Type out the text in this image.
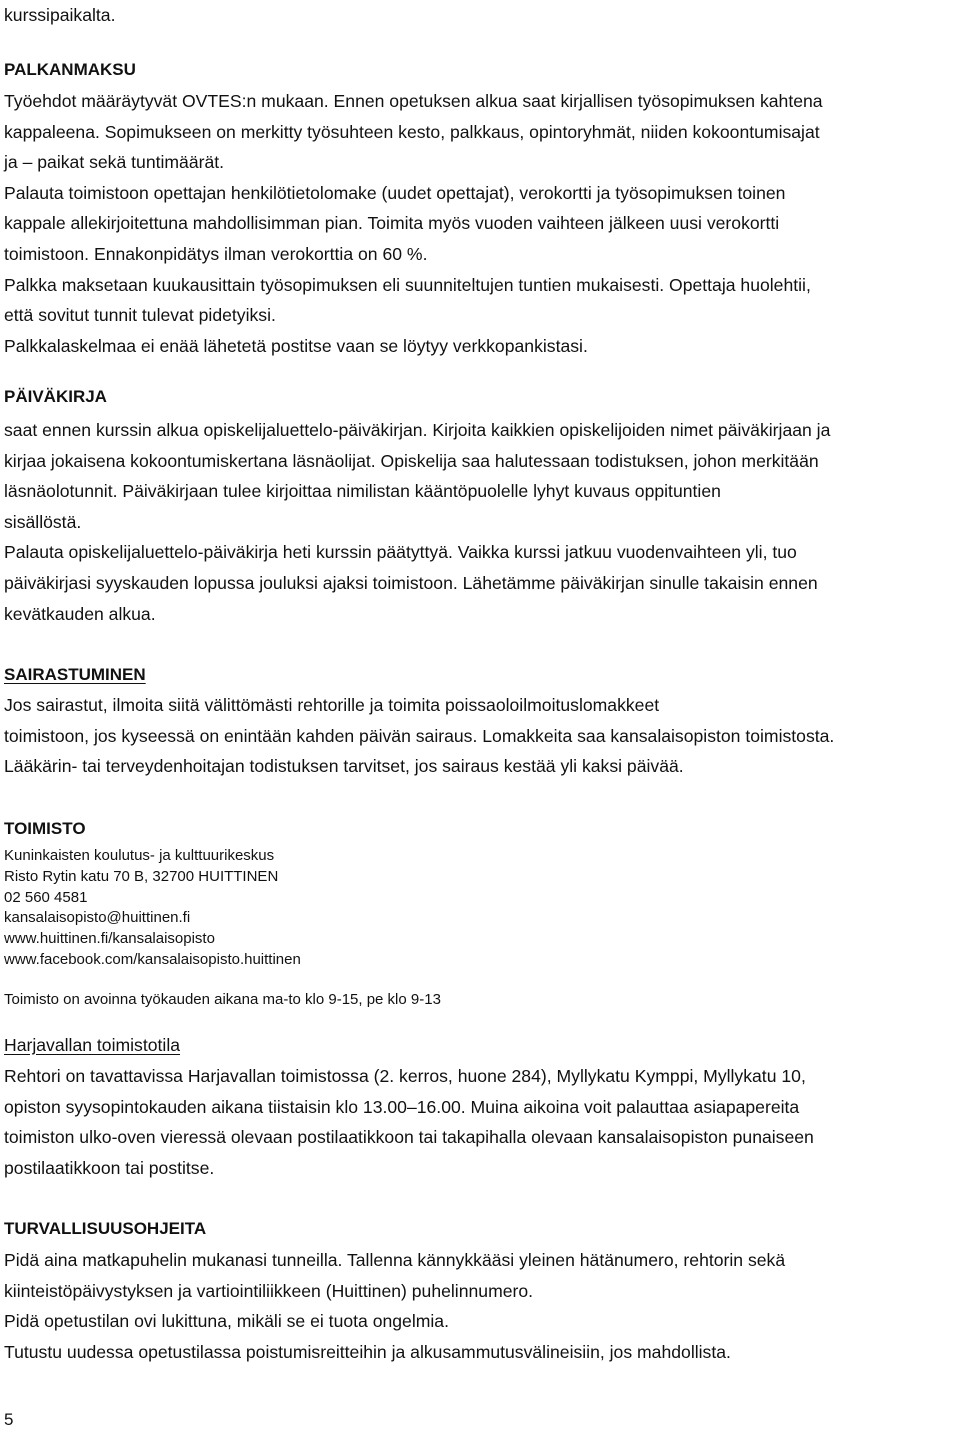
kurssipaikalta.
PALKANMAKSU
Työehdot määräytyvät OVTES:n mukaan. Ennen opetuksen alkua saat kirjallisen työsopimuksen kahtena
kappaleena. Sopimukseen on merkitty työsuhteen kesto, palkkaus, opintoryhmät, niiden kokoontumisajat
ja – paikat sekä tuntimäärät.
Palauta toimistoon opettajan henkilötietolomake (uudet opettajat), verokortti ja työsopimuksen toinen
kappale allekirjoitettuna mahdollisimman pian. Toimita myös vuoden vaihteen jälkeen uusi verokortti
toimistoon. Ennakonpidätys ilman verokorttia on 60 %.
Palkka maksetaan kuukausittain työsopimuksen eli suunniteltujen tuntien mukaisesti. Opettaja huolehtii,
että sovitut tunnit tulevat pidetyiksi.
Palkkalaskelmaa ei enää lähetetä postitse vaan se löytyy verkkopankistasi.
PÄIVÄKIRJA
saat ennen kurssin alkua opiskelijaluettelo-päiväkirjan. Kirjoita kaikkien opiskelijoiden nimet päiväkirjaan ja
kirjaa jokaisena kokoontumiskertana läsnäolijat. Opiskelija saa halutessaan todistuksen, johon merkitään
läsnäolotunnit. Päiväkirjaan tulee kirjoittaa nimilistan kääntöpuolelle lyhyt kuvaus oppituntien
sisällöstä.
Palauta opiskelijaluettelo-päiväkirja heti kurssin päätyttyä. Vaikka kurssi jatkuu vuodenvaihteen yli, tuo
päiväkirjasi syyskauden lopussa jouluksi ajaksi toimistoon. Lähetämme päiväkirjan sinulle takaisin ennen
kevätkauden alkua.
SAIRASTUMINEN
Jos sairastut, ilmoita siitä välittömästi rehtorille ja toimita poissaoloilmoituslomakkeet
toimistoon, jos kyseessä on enintään kahden päivän sairaus. Lomakkeita saa kansalaisopiston toimistosta.
Lääkärin- tai terveydenhoitajan todistuksen tarvitset, jos sairaus kestää yli kaksi päivää.
TOIMISTO
Kuninkaisten koulutus- ja kulttuurikeskus
Risto Rytin katu 70 B, 32700 HUITTINEN
02 560 4581
kansalaisopisto@huittinen.fi
www.huittinen.fi/kansalaisopisto
www.facebook.com/kansalaisopisto.huittinen
Toimisto on avoinna työkauden aikana ma-to klo 9-15, pe klo 9-13
Harjavallan toimistotila
Rehtori on tavattavissa Harjavallan toimistossa (2. kerros, huone 284), Myllykatu Kymppi, Myllykatu 10,
opiston syysopintokauden aikana tiistaisin klo 13.00–16.00. Muina aikoina voit palauttaa asiapapereita
toimiston ulko-oven vieressä olevaan postilaatikkoon tai takapihalla olevaan kansalaisopiston punaiseen
postilaatikkoon tai postitse.
TURVALLISUUSOHJEITA
Pidä aina matkapuhelin mukanasi tunneilla. Tallenna kännykkääsi yleinen hätänumero, rehtorin sekä
kiinteistöpäivystyksen ja vartiointiliikkeen (Huittinen) puhelinnumero.
Pidä opetustilan ovi lukittuna, mikäli se ei tuota ongelmia.
Tutustu uudessa opetustilassa poistumisreitteihin ja alkusammutusvälineisiin, jos mahdollista.
5
